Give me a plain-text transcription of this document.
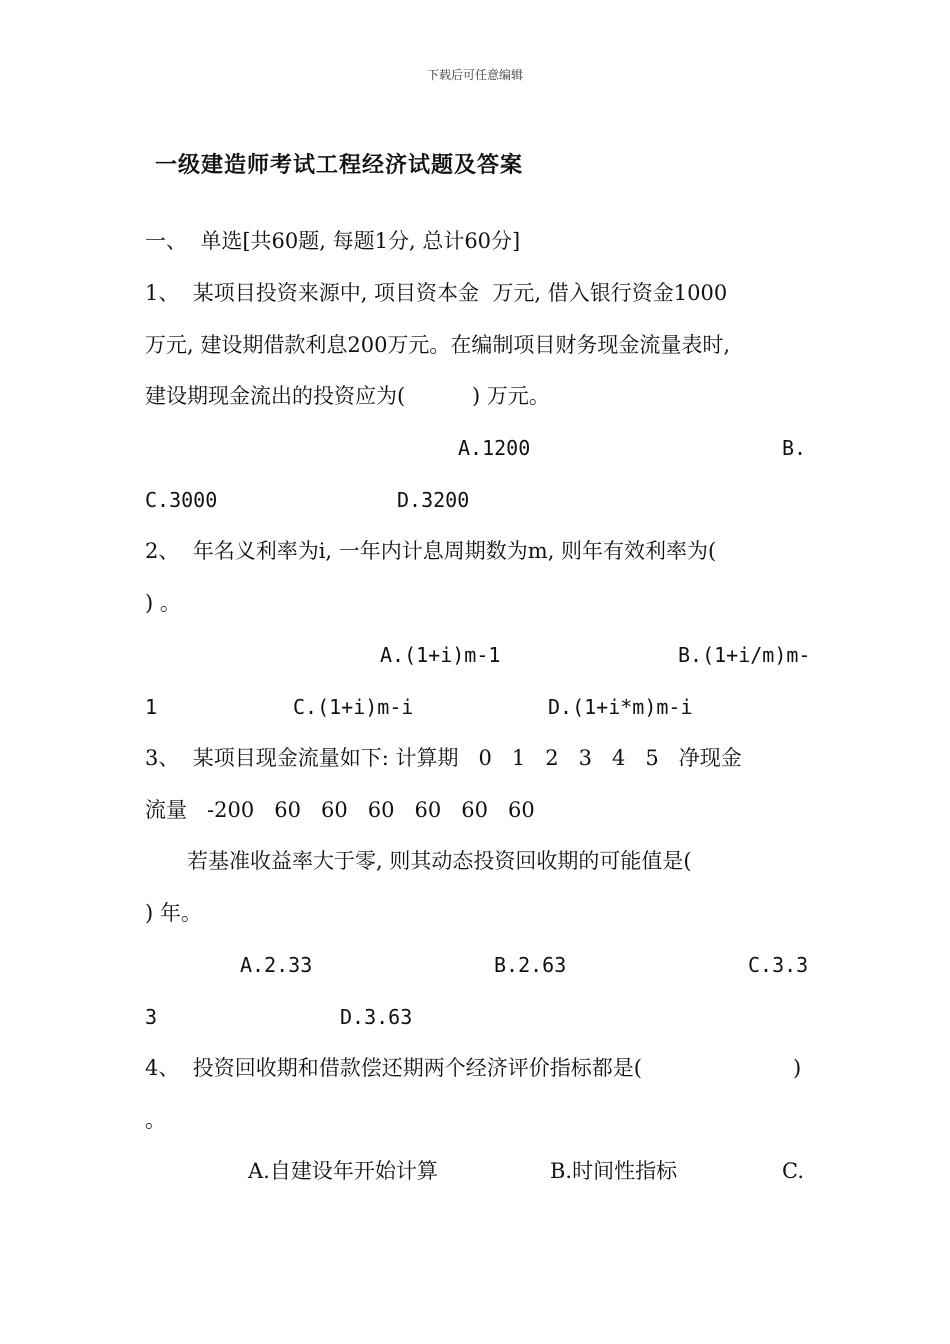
下载后可任意编辑
一级建造师考试工程经济试题及答案
一、  单选[共60题, 每题1分, 总计60分]
1、  某项目投资来源中, 项目资本金  万元, 借入银行资金1000
万元, 建设期借款利息200万元。在编制项目财务现金流量表时,
建设期现金流出的投资应为(          ) 万元。
A.1200	B.
C.3000	D.3200
2、  年名义利率为i, 一年内计息周期数为m, 则年有效利率为(
) 。
A.(1+i)m-1	B.(1+i/m)m-
1	C.(1+i)m-i	D.(1+i*m)m-i
3、  某项目现金流量如下: 计算期   0   1   2   3   4   5   净现金
流量   -200   60   60   60   60   60   60
若基准收益率大于零, 则其动态投资回收期的可能值是(
) 年。
A.2.33	B.2.63	C.3.3
3	D.3.63
4、  投资回收期和借款偿还期两个经济评价指标都是(	)
。
A.自建设年开始计算	B.时间性指标	C.
